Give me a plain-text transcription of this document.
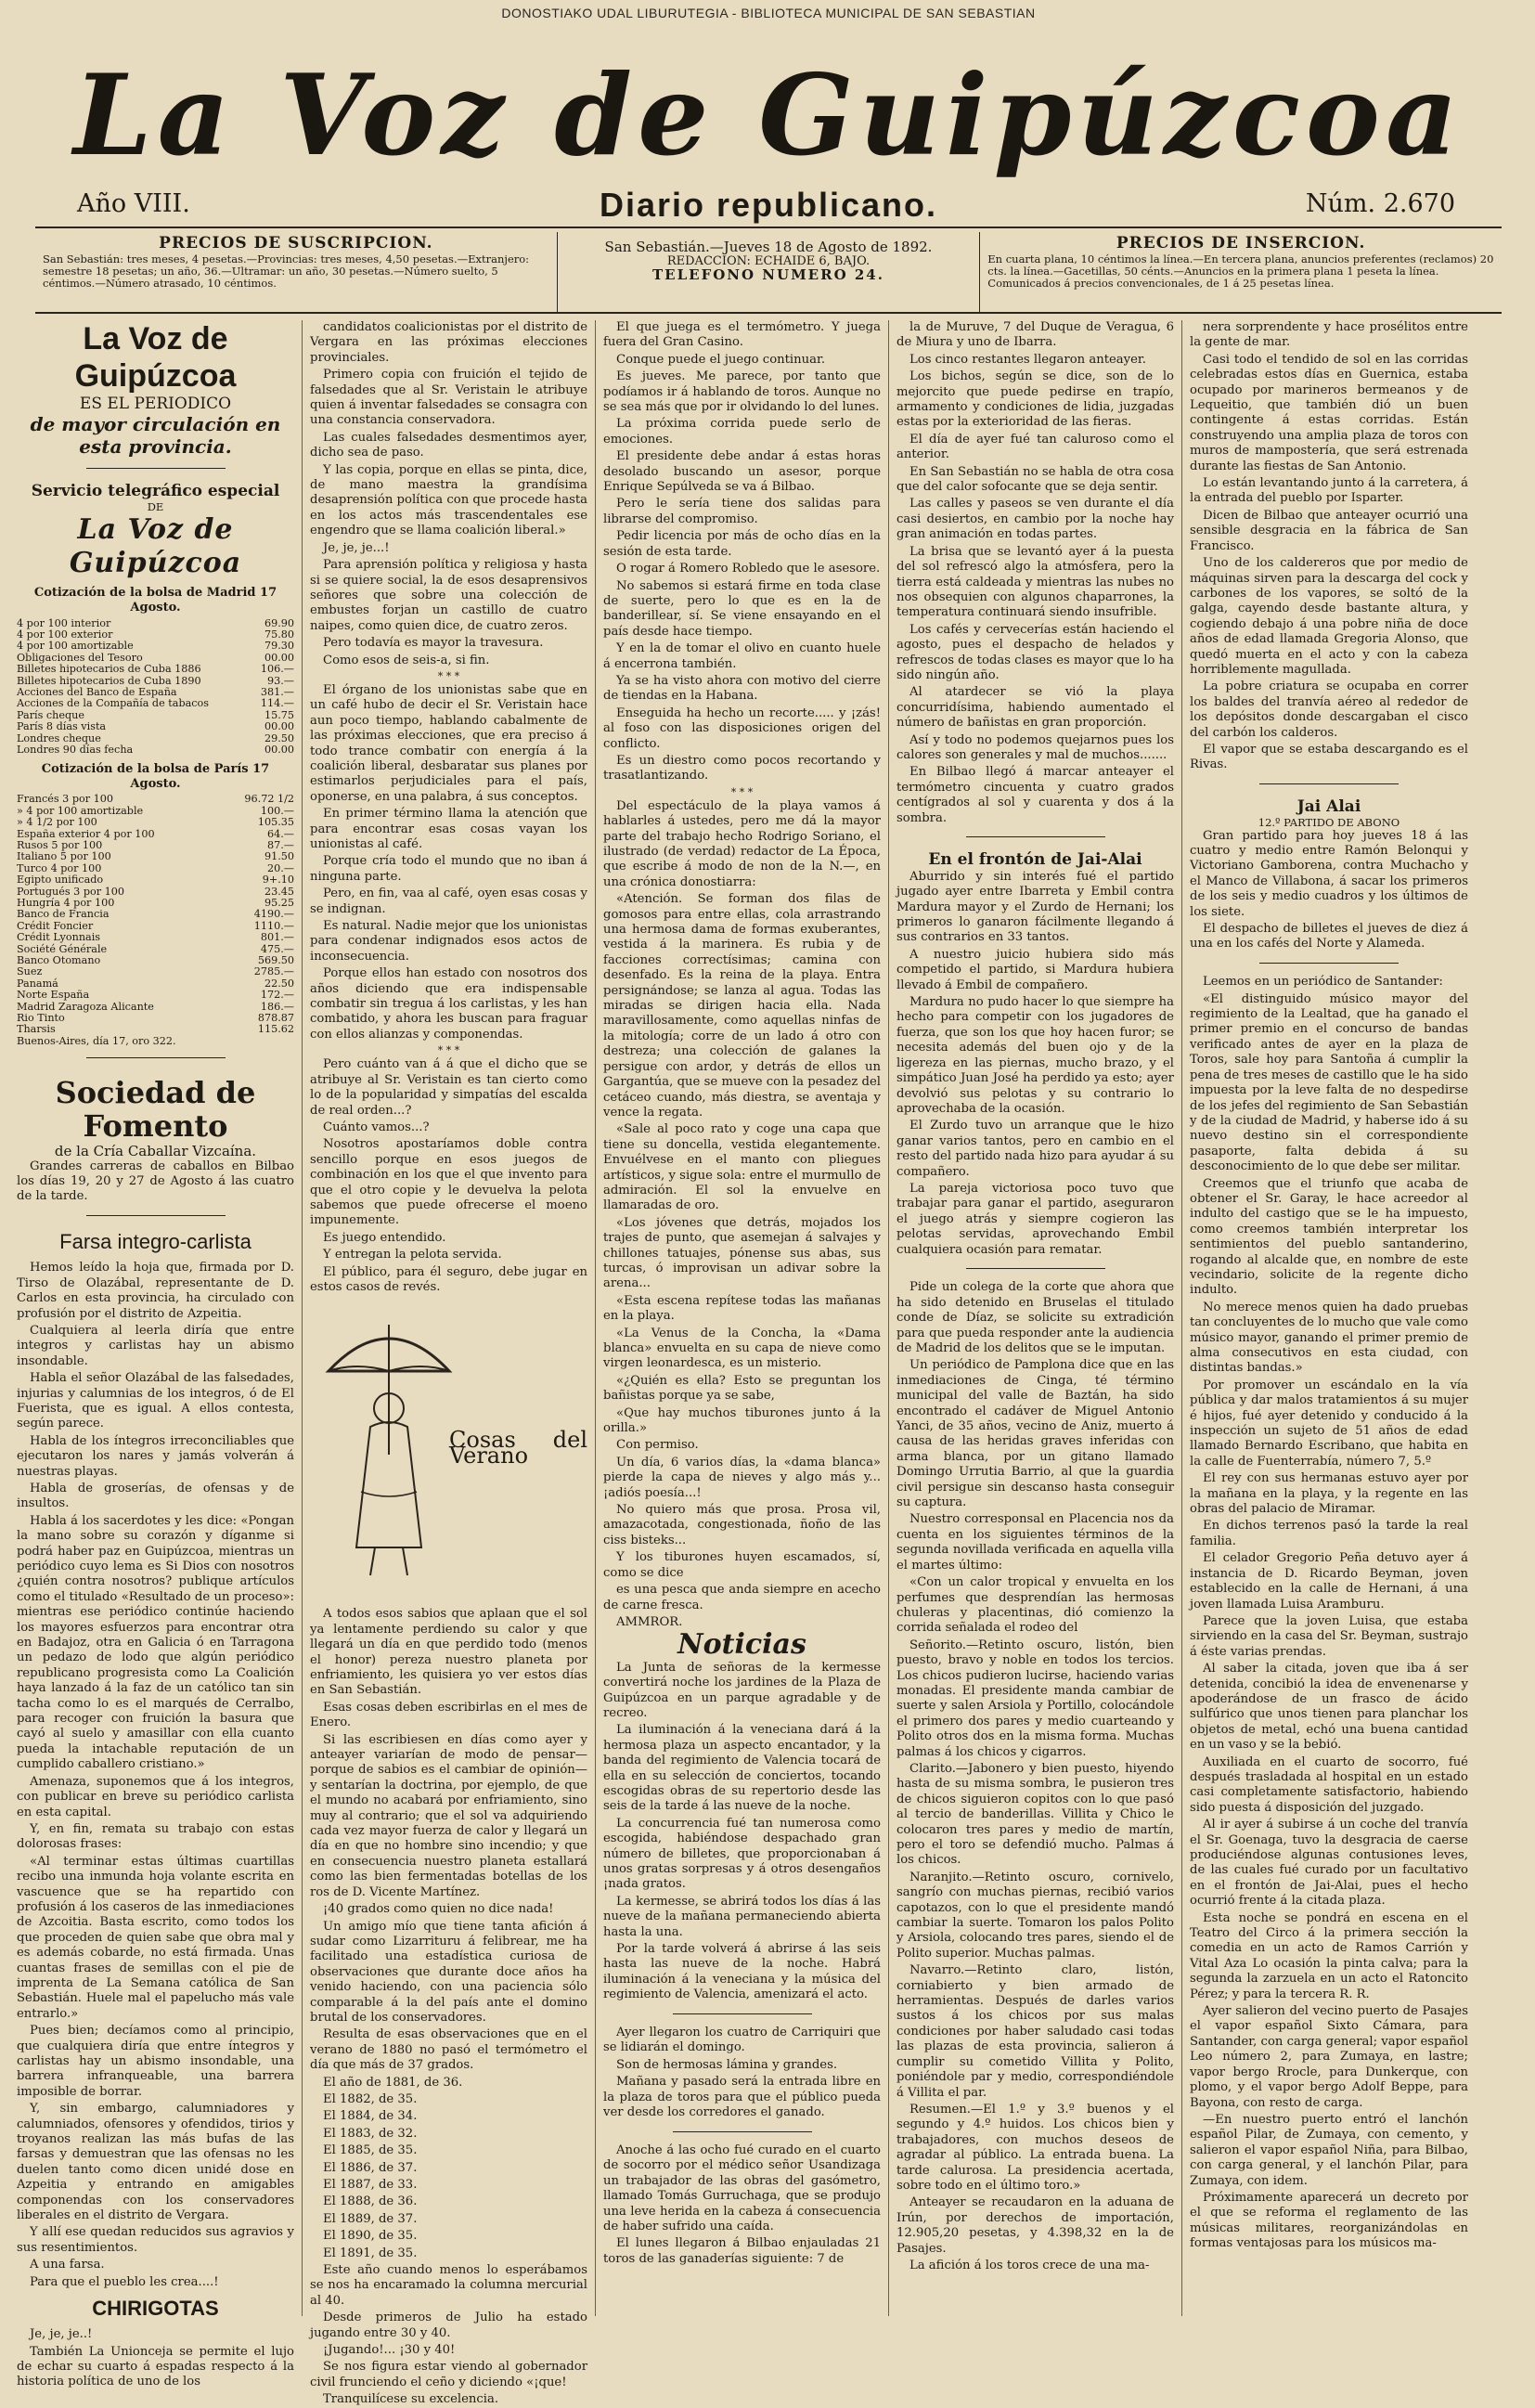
DONOSTIAKO UDAL LIBURUTEGIA - BIBLIOTECA MUNICIPAL DE SAN SEBASTIAN
La Voz de Guipúzcoa
Año VIII.	Diario republicano.	Núm. 2.670
PRECIOS DE SUSCRIPCION.
San Sebastián: tres meses, 4 pesetas.—Provincias: tres meses, 4,50 pesetas.—Extranjero: semestre 18 pesetas; un año, 36.—Ultramar: un año, 30 pesetas.—Número suelto, 5 céntimos.—Número atrasado, 10 céntimos.
San Sebastián.—Jueves 18 de Agosto de 1892.
REDACCION: ECHAIDE 6, BAJO.
TELEFONO NUMERO 24.
PRECIOS DE INSERCION.
En cuarta plana, 10 céntimos la línea.—En tercera plana, anuncios preferentes (reclamos) 20 cts. la línea.—Gacetillas, 50 cénts.—Anuncios en la primera plana 1 peseta la línea. Comunicados á precios convencionales, de 1 á 25 pesetas línea.
La Voz de Guipúzcoa
ES EL PERIODICO
de mayor circulación en esta provincia.
Servicio telegráfico especial
DE
La Voz de Guipúzcoa
Cotización de la bolsa de Madrid 17 Agosto.
4 por 100 interior	69.90
4 por 100 exterior	75.80
4 por 100 amortizable	79.30
Obligaciones del Tesoro	00.00
Billetes hipotecarios de Cuba 1886	106.—
Billetes hipotecarios de Cuba 1890	93.—
Acciones del Banco de España	381.—
Acciones de la Compañía de tabacos	114.—
París cheque	15.75
París 8 días vista	00.00
Londres cheque	29.50
Londres 90 días fecha	00.00
Cotización de la bolsa de París 17 Agosto.
Francés 3 por 100	96.72 1/2
» 4 por 100 amortizable	100.—
» 4 1/2 por 100	105.35
España exterior 4 por 100	64.—
Rusos 5 por 100	87.—
Italiano 5 por 100	91.50
Turco 4 por 100	20.—
Egipto unificado	9+.10
Portugués 3 por 100	23.45
Hungría 4 por 100	95.25
Banco de Francia	4190.—
Crédit Foncier	1110.—
Crédit Lyonnais	801.—
Société Générale	475.—
Banco Otomano	569.50
Suez	2785.—
Panamá	22.50
Norte España	172.—
Madrid Zaragoza Alicante	186.—
Rio Tinto	878.87
Tharsis	115.62
Buenos-Aires, día 17, oro 322.	
Sociedad de Fomento
de la Cría Caballar Vizcaína.

Grandes carreras de caballos en Bilbao los días 19, 20 y 27 de Agosto á las cuatro de la tarde.

Farsa integro-carlista

Hemos leído la hoja que, firmada por D. Tirso de Olazábal, representante de D. Carlos en esta provincia, ha circulado con profusión por el distrito de Azpeitia.

Cualquiera al leerla diría que entre integros y carlistas hay un abismo insondable.

Habla el señor Olazábal de las falsedades, injurias y calumnias de los integros, ó de El Fuerista, que es igual. A ellos contesta, según parece.

Habla de los íntegros irreconciliables que ejecutaron los nares y jamás volverán á nuestras playas.

Habla de groserías, de ofensas y de insultos.

Habla á los sacerdotes y les dice: «Pongan la mano sobre su corazón y díganme si podrá haber paz en Guipúzcoa, mientras un periódico cuyo lema es Si Dios con nosotros ¿quién contra nosotros? publique artículos como el titulado «Resultado de un proceso»: mientras ese periódico continúe haciendo los mayores esfuerzos para encontrar otra en Badajoz, otra en Galicia ó en Tarragona un pedazo de lodo que algún periódico republicano progresista como La Coalición haya lanzado á la faz de un católico tan sin tacha como lo es el marqués de Cerralbo, para recoger con fruición la basura que cayó al suelo y amasillar con ella cuanto pueda la intachable reputación de un cumplido caballero cristiano.»

Amenaza, suponemos que á los integros, con publicar en breve su periódico carlista en esta capital.

Y, en fin, remata su trabajo con estas dolorosas frases:

«Al terminar estas últimas cuartillas recibo una inmunda hoja volante escrita en vascuence que se ha repartido con profusión á los caseros de las inmediaciones de Azcoitia. Basta escrito, como todos los que proceden de quien sabe que obra mal y es además cobarde, no está firmada. Unas cuantas frases de semillas con el pie de imprenta de La Semana católica de San Sebastián. Huele mal el papelucho más vale entrarlo.»

Pues bien; decíamos como al principio, que cualquiera diría que entre íntegros y carlistas hay un abismo insondable, una barrera infranqueable, una barrera imposible de borrar.

Y, sin embargo, calumniadores y calumniados, ofensores y ofendidos, tirios y troyanos realizan las más bufas de las farsas y demuestran que las ofensas no les duelen tanto como dicen unidé dose en Azpeitia y entrando en amigables componendas con los conservadores liberales en el distrito de Vergara.

Y allí ese quedan reducidos sus agravios y sus resentimientos.

A una farsa.

Para que el pueblo les crea....!

CHIRIGOTAS

Je, je, je..!

También La Unionceja se permite el lujo de echar su cuarto á espadas respecto á la historia política de uno de los

candidatos coalicionistas por el distrito de Vergara en las próximas elecciones provinciales.

Primero copia con fruición el tejido de falsedades que al Sr. Veristain le atribuye quien á inventar falsedades se consagra con una constancia conservadora.

Las cuales falsedades desmentimos ayer, dicho sea de paso.

Y las copia, porque en ellas se pinta, dice, de mano maestra la grandísima desaprensión política con que procede hasta en los actos más trascendentales ese engendro que se llama coalición liberal.»

Je, je, je...!

Para aprensión política y religiosa y hasta si se quiere social, la de esos desaprensivos señores que sobre una colección de embustes forjan un castillo de cuatro naipes, como quien dice, de cuatro zeros.

Pero todavía es mayor la travesura.

Como esos de seis-a, si fin.

* * *

El órgano de los unionistas sabe que en un café hubo de decir el Sr. Veristain hace aun poco tiempo, hablando cabalmente de las próximas elecciones, que era preciso á todo trance combatir con energía á la coalición liberal, desbaratar sus planes por estimarlos perjudiciales para el país, oponerse, en una palabra, á sus conceptos.

En primer término llama la atención que para encontrar esas cosas vayan los unionistas al café.

Porque cría todo el mundo que no iban á ninguna parte.

Pero, en fin, vaa al café, oyen esas cosas y se indignan.

Es natural. Nadie mejor que los unionistas para condenar indignados esos actos de inconsecuencia.

Porque ellos han estado con nosotros dos años diciendo que era indispensable combatir sin tregua á los carlistas, y les han combatido, y ahora les buscan para fraguar con ellos alianzas y componendas.

* * *

Pero cuánto van á á que el dicho que se atribuye al Sr. Veristain es tan cierto como lo de la popularidad y simpatías del escalda de real orden...?

Cuánto vamos...?

Nosotros apostaríamos doble contra sencillo porque en esos juegos de combinación en los que el que invento para que el otro copie y le devuelva la pelota sabemos que puede ofrecerse el moeno impunemente.

Es juego entendido.

Y entregan la pelota servida.

El público, para él seguro, debe jugar en estos casos de revés.

Cosas del Verano

A todos esos sabios que aplaan que el sol ya lentamente perdiendo su calor y que llegará un día en que perdido todo (menos el honor) pereza nuestro planeta por enfriamiento, les quisiera yo ver estos días en San Sebastián.

Esas cosas deben escribirlas en el mes de Enero.

Si las escribiesen en días como ayer y anteayer variarían de modo de pensar—porque de sabios es el cambiar de opinión—y sentarían la doctrina, por ejemplo, de que el mundo no acabará por enfriamiento, sino muy al contrario; que el sol va adquiriendo cada vez mayor fuerza de calor y llegará un día en que no hombre sino incendio; y que en consecuencia nuestro planeta estallará como las bien fermentadas botellas de los ros de D. Vicente Martínez.

¡40 grados como quien no dice nada!

Un amigo mío que tiene tanta afición á sudar como Lizarrituru á felibrear, me ha facilitado una estadística curiosa de observaciones que durante doce años ha venido haciendo, con una paciencia sólo comparable á la del país ante el domino brutal de los conservadores.

Resulta de esas observaciones que en el verano de 1880 no pasó el termómetro el día que más de 37 grados.

El año de 1881, de 36.

El 1882, de 35.

El 1884, de 34.

El 1883, de 32.

El 1885, de 35.

El 1886, de 37.

El 1887, de 33.

El 1888, de 36.

El 1889, de 37.

El 1890, de 35.

El 1891, de 35.

Este año cuando menos lo esperábamos se nos ha encaramado la columna mercurial al 40.

Desde primeros de Julio ha estado jugando entre 30 y 40.

¡Jugando!... ¡30 y 40!

Se nos figura estar viendo al gobernador civil frunciendo el ceño y diciendo «¡que!

Tranquilícese su excelencia.

El que juega es el termómetro. Y juega fuera del Gran Casino.

Conque puede el juego continuar.

Es jueves. Me parece, por tanto que podíamos ir á hablando de toros. Aunque no se sea más que por ir olvidando lo del lunes.

La próxima corrida puede serlo de emociones.

El presidente debe andar á estas horas desolado buscando un asesor, porque Enrique Sepúlveda se va á Bilbao.

Pero le sería tiene dos salidas para librarse del compromiso.

Pedir licencia por más de ocho días en la sesión de esta tarde.

O rogar á Romero Robledo que le asesore.

No sabemos si estará firme en toda clase de suerte, pero lo que es en la de banderillear, sí. Se viene ensayando en el país desde hace tiempo.

Y en la de tomar el olivo en cuanto huele á encerrona también.

Ya se ha visto ahora con motivo del cierre de tiendas en la Habana.

Enseguida ha hecho un recorte..... y ¡zás! al foso con las disposiciones origen del conflicto.

Es un diestro como pocos recortando y trasatlantizando.

* * *

Del espectáculo de la playa vamos á hablarles á ustedes, pero me dá la mayor parte del trabajo hecho Rodrigo Soriano, el ilustrado (de verdad) redactor de La Época, que escribe á modo de non de la N.—, en una crónica donostiarra:

«Atención. Se forman dos filas de gomosos para entre ellas, cola arrastrando una hermosa dama de formas exuberantes, vestida á la marinera. Es rubia y de facciones correctísimas; camina con desenfado. Es la reina de la playa. Entra persignándose; se lanza al agua. Todas las miradas se dirigen hacia ella. Nada maravillosamente, como aquellas ninfas de la mitología; corre de un lado á otro con destreza; una colección de galanes la persigue con ardor, y detrás de ellos un Gargantúa, que se mueve con la pesadez del cetáceo cuando, más diestra, se aventaja y vence la regata.

«Sale al poco rato y coge una capa que tiene su doncella, vestida elegantemente. Envuélvese en el manto con pliegues artísticos, y sigue sola: entre el murmullo de admiración. El sol la envuelve en llamaradas de oro.

«Los jóvenes que detrás, mojados los trajes de punto, que asemejan á salvajes y chillones tatuajes, pónense sus abas, sus turcas, ó improvisan un adivar sobre la arena...

«Esta escena repítese todas las mañanas en la playa.

«La Venus de la Concha, la «Dama blanca» envuelta en su capa de nieve como virgen leonardesca, es un misterio.

«¿Quién es ella? Esto se preguntan los bañistas porque ya se sabe,

«Que hay muchos tiburones junto á la orilla.»

Con permiso.

Un día, 6 varios días, la «dama blanca» pierde la capa de nieves y algo más y... ¡adiós poesía...!

No quiero más que prosa. Prosa vil, amazacotada, congestionada, ñoño de las ciss bisteks...

Y los tiburones huyen escamados, sí, como se dice

es una pesca que anda siempre en acecho de carne fresca.

AMMROR.

Noticias

La Junta de señoras de la kermesse convertirá noche los jardines de la Plaza de Guipúzcoa en un parque agradable y de recreo.

La iluminación á la veneciana dará á la hermosa plaza un aspecto encantador, y la banda del regimiento de Valencia tocará de ella en su selección de conciertos, tocando escogidas obras de su repertorio desde las seis de la tarde á las nueve de la noche.

La concurrencia fué tan numerosa como escogida, habiéndose despachado gran número de billetes, que proporcionaban á unos gratas sorpresas y á otros desengaños ¡nada gratos.

La kermesse, se abrirá todos los días á las nueve de la mañana permaneciendo abierta hasta la una.

Por la tarde volverá á abrirse á las seis hasta las nueve de la noche. Habrá iluminación á la veneciana y la música del regimiento de Valencia, amenizará el acto.

Ayer llegaron los cuatro de Carriquiri que se lidiarán el domingo.

Son de hermosas lámina y grandes.

Mañana y pasado será la entrada libre en la plaza de toros para que el público pueda ver desde los corredores el ganado.

Anoche á las ocho fué curado en el cuarto de socorro por el médico señor Usandizaga un trabajador de las obras del gasómetro, llamado Tomás Gurruchaga, que se produjo una leve herida en la cabeza á consecuencia de haber sufrido una caída.

El lunes llegaron á Bilbao enjauladas 21 toros de las ganaderías siguiente: 7 de

la de Muruve, 7 del Duque de Veragua, 6 de Miura y uno de Ibarra.

Los cinco restantes llegaron anteayer.

Los bichos, según se dice, son de lo mejorcito que puede pedirse en trapío, armamento y condiciones de lidia, juzgadas estas por la exterioridad de las fieras.

El día de ayer fué tan caluroso como el anterior.

En San Sebastián no se habla de otra cosa que del calor sofocante que se deja sentir.

Las calles y paseos se ven durante el día casi desiertos, en cambio por la noche hay gran animación en todas partes.

La brisa que se levantó ayer á la puesta del sol refrescó algo la atmósfera, pero la tierra está caldeada y mientras las nubes no nos obsequien con algunos chaparrones, la temperatura continuará siendo insufrible.

Los cafés y cervecerías están haciendo el agosto, pues el despacho de helados y refrescos de todas clases es mayor que lo ha sido ningún año.

Al atardecer se vió la playa concurridísima, habiendo aumentado el número de bañistas en gran proporción.

Así y todo no podemos quejarnos pues los calores son generales y mal de muchos.......

En Bilbao llegó á marcar anteayer el termómetro cincuenta y cuatro grados centígrados al sol y cuarenta y dos á la sombra.

En el frontón de Jai-Alai

Aburrido y sin interés fué el partido jugado ayer entre Ibarreta y Embil contra Mardura mayor y el Zurdo de Hernani; los primeros lo ganaron fácilmente llegando á sus contrarios en 33 tantos.

A nuestro juicio hubiera sido más competido el partido, si Mardura hubiera llevado á Embil de compañero.

Mardura no pudo hacer lo que siempre ha hecho para competir con los jugadores de fuerza, que son los que hoy hacen furor; se necesita además del buen ojo y de la ligereza en las piernas, mucho brazo, y el simpático Juan José ha perdido ya esto; ayer devolvió sus pelotas y su contrario lo aprovechaba de la ocasión.

El Zurdo tuvo un arranque que le hizo ganar varios tantos, pero en cambio en el resto del partido nada hizo para ayudar á su compañero.

La pareja victoriosa poco tuvo que trabajar para ganar el partido, aseguraron el juego atrás y siempre cogieron las pelotas servidas, aprovechando Embil cualquiera ocasión para rematar.

Pide un colega de la corte que ahora que ha sido detenido en Bruselas el titulado conde de Díaz, se solicite su extradición para que pueda responder ante la audiencia de Madrid de los delitos que se le imputan.

Un periódico de Pamplona dice que en las inmediaciones de Cinga, té término municipal del valle de Baztán, ha sido encontrado el cadáver de Miguel Antonio Yanci, de 35 años, vecino de Aniz, muerto á causa de las heridas graves inferidas con arma blanca, por un gitano llamado Domingo Urrutia Barrio, al que la guardia civil persigue sin descanso hasta conseguir su captura.

Nuestro corresponsal en Placencia nos da cuenta en los siguientes términos de la segunda novillada verificada en aquella villa el martes último:

«Con un calor tropical y envuelta en los perfumes que desprendían las hermosas chuleras y placentinas, dió comienzo la corrida señalada el rodeo del

Señorito.—Retinto oscuro, listón, bien puesto, bravo y noble en todos los tercios. Los chicos pudieron lucirse, haciendo varias monadas. El presidente manda cambiar de suerte y salen Arsiola y Portillo, colocándole el primero dos pares y medio cuarteando y Polito otros dos en la misma forma. Muchas palmas á los chicos y cigarros.

Clarito.—Jabonero y bien puesto, hiyendo hasta de su misma sombra, le pusieron tres de chicos siguieron copitos con lo que pasó al tercio de banderillas. Villita y Chico le colocaron tres pares y medio de martín, pero el toro se defendió mucho. Palmas á los chicos.

Naranjito.—Retinto oscuro, cornivelo, sangrío con muchas piernas, recibió varios capotazos, con lo que el presidente mandó cambiar la suerte. Tomaron los palos Polito y Arsiola, colocando tres pares, siendo el de Polito superior. Muchas palmas.

Navarro.—Retinto claro, listón, corniabierto y bien armado de herramientas. Después de darles varios sustos á los chicos por sus malas condiciones por haber saludado casi todas las plazas de esta provincia, salieron á cumplir su cometido Villita y Polito, poniéndole par y medio, correspondiéndole á Villita el par.

Resumen.—El 1.º y 3.º buenos y el segundo y 4.º huidos. Los chicos bien y trabajadores, con muchos deseos de agradar al público. La entrada buena. La tarde calurosa. La presidencia acertada, sobre todo en el último toro.»

Anteayer se recaudaron en la aduana de Irún, por derechos de importación, 12.905,20 pesetas, y 4.398,32 en la de Pasajes.

La afición á los toros crece de una ma-

nera sorprendente y hace prosélitos entre la gente de mar.

Casi todo el tendido de sol en las corridas celebradas estos días en Guernica, estaba ocupado por marineros bermeanos y de Lequeitio, que también dió un buen contingente á estas corridas. Están construyendo una amplia plaza de toros con muros de mampostería, que será estrenada durante las fiestas de San Antonio.

Lo están levantando junto á la carretera, á la entrada del pueblo por Isparter.

Dicen de Bilbao que anteayer ocurrió una sensible desgracia en la fábrica de San Francisco.

Uno de los caldereros que por medio de máquinas sirven para la descarga del cock y carbones de los vapores, se soltó de la galga, cayendo desde bastante altura, y cogiendo debajo á una pobre niña de doce años de edad llamada Gregoria Alonso, que quedó muerta en el acto y con la cabeza horriblemente magullada.

La pobre criatura se ocupaba en correr los baldes del tranvía aéreo al rededor de los depósitos donde descargaban el cisco del carbón los calderos.

El vapor que se estaba descargando es el Rivas.

Jai Alai
12.º PARTIDO DE ABONO

Gran partido para hoy jueves 18 á las cuatro y medio entre Ramón Belonqui y Victoriano Gamborena, contra Muchacho y el Manco de Villabona, á sacar los primeros de los seis y medio cuadros y los últimos de los siete.

El despacho de billetes el jueves de diez á una en los cafés del Norte y Alameda.

Leemos en un periódico de Santander:

«El distinguido músico mayor del regimiento de la Lealtad, que ha ganado el primer premio en el concurso de bandas verificado antes de ayer en la plaza de Toros, sale hoy para Santoña á cumplir la pena de tres meses de castillo que le ha sido impuesta por la leve falta de no despedirse de los jefes del regimiento de San Sebastián y de la ciudad de Madrid, y haberse ido á su nuevo destino sin el correspondiente pasaporte, falta debida á su desconocimiento de lo que debe ser militar.

Creemos que el triunfo que acaba de obtener el Sr. Garay, le hace acreedor al indulto del castigo que se le ha impuesto, como creemos también interpretar los sentimientos del pueblo santanderino, rogando al alcalde que, en nombre de este vecindario, solicite de la regente dicho indulto.

No merece menos quien ha dado pruebas tan concluyentes de lo mucho que vale como músico mayor, ganando el primer premio de alma consecutivos en esta ciudad, con distintas bandas.»

Por promover un escándalo en la vía pública y dar malos tratamientos á su mujer é hijos, fué ayer detenido y conducido á la inspección un sujeto de 51 años de edad llamado Bernardo Escribano, que habita en la calle de Fuenterrabía, número 7, 5.º

El rey con sus hermanas estuvo ayer por la mañana en la playa, y la regente en las obras del palacio de Miramar.

En dichos terrenos pasó la tarde la real familia.

El celador Gregorio Peña detuvo ayer á instancia de D. Ricardo Beyman, joven establecido en la calle de Hernani, á una joven llamada Luisa Aramburu.

Parece que la joven Luisa, que estaba sirviendo en la casa del Sr. Beyman, sustrajo á éste varias prendas.

Al saber la citada, joven que iba á ser detenida, concibió la idea de envenenarse y apoderándose de un frasco de ácido sulfúrico que unos tienen para planchar los objetos de metal, echó una buena cantidad en un vaso y se la bebió.

Auxiliada en el cuarto de socorro, fué después trasladada al hospital en un estado casi completamente satisfactorio, habiendo sido puesta á disposición del juzgado.

Al ir ayer á subirse á un coche del tranvía el Sr. Goenaga, tuvo la desgracia de caerse produciéndose algunas contusiones leves, de las cuales fué curado por un facultativo en el frontón de Jai-Alai, pues el hecho ocurrió frente á la citada plaza.

Esta noche se pondrá en escena en el Teatro del Circo á la primera sección la comedia en un acto de Ramos Carrión y Vital Aza Lo ocasión la pinta calva; para la segunda la zarzuela en un acto el Ratoncito Pérez; y para la tercera R. R.

Ayer salieron del vecino puerto de Pasajes el vapor español Sixto Cámara, para Santander, con carga general; vapor español Leo número 2, para Zumaya, en lastre; vapor bergo Rrocle, para Dunkerque, con plomo, y el vapor bergo Adolf Beppe, para Bayona, con resto de carga.

—En nuestro puerto entró el lanchón español Pilar, de Zumaya, con cemento, y salieron el vapor español Niña, para Bilbao, con carga general, y el lanchón Pilar, para Zumaya, con idem.

Próximamente aparecerá un decreto por el que se reforma el reglamento de las músicas militares, reorganizándolas en formas ventajosas para los músicos ma-
